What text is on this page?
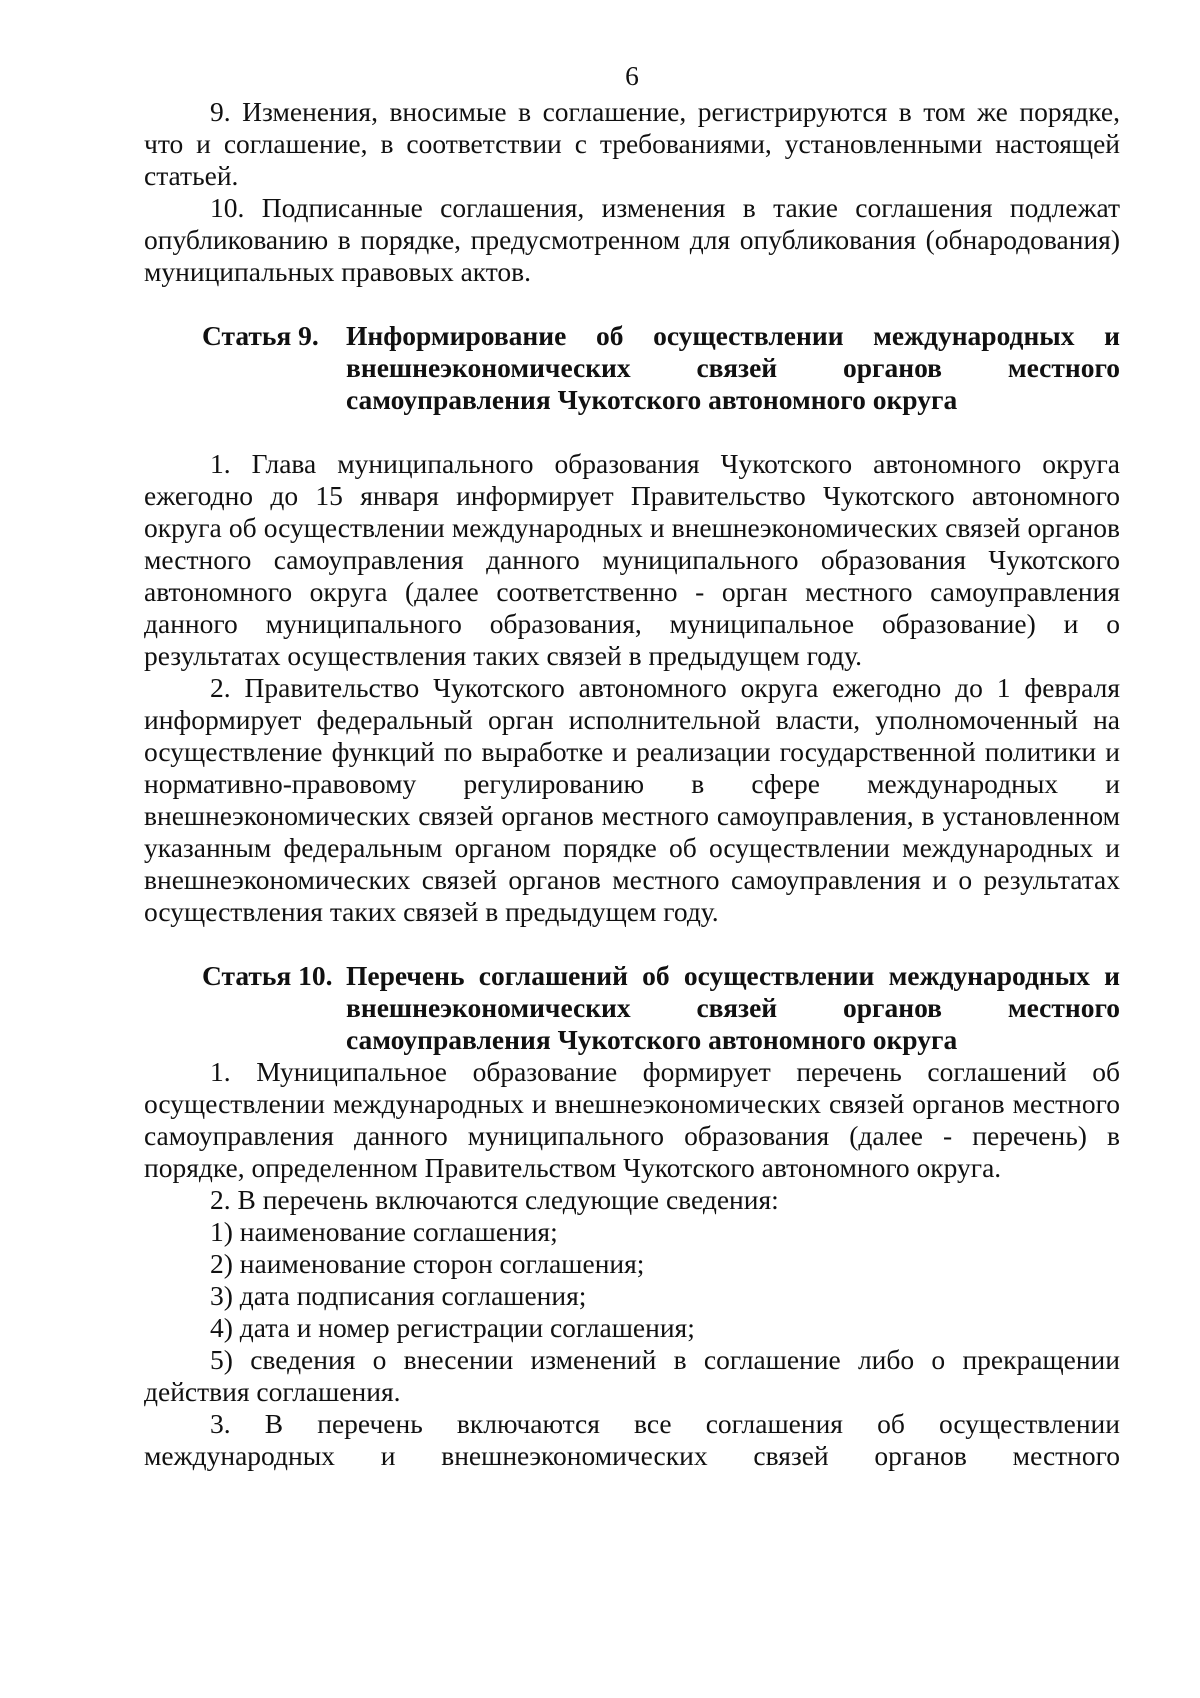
6

9. Изменения, вносимые в соглашение, регистрируются в том же порядке, что и соглашение, в соответствии с требованиями, установленными настоящей статьей.

10. Подписанные соглашения, изменения в такие соглашения подлежат опубликованию в порядке, предусмотренном для опубликования (обнародования) муниципальных правовых актов.

Статья 9. Информирование об осуществлении международных и внешнеэкономических связей органов местного самоуправления Чукотского автономного округа

1. Глава муниципального образования Чукотского автономного округа ежегодно до 15 января информирует Правительство Чукотского автономного округа об осуществлении международных и внешнеэкономических связей органов местного самоуправления данного муниципального образования Чукотского автономного округа (далее соответственно - орган местного самоуправления данного муниципального образования, муниципальное образование) и о результатах осуществления таких связей в предыдущем году.

2. Правительство Чукотского автономного округа ежегодно до 1 февраля информирует федеральный орган исполнительной власти, уполномоченный на осуществление функций по выработке и реализации государственной политики и нормативно-правовому регулированию в сфере международных и внешнеэкономических связей органов местного самоуправления, в установленном указанным федеральным органом порядке об осуществлении международных и внешнеэкономических связей органов местного самоуправления и о результатах осуществления таких связей в предыдущем году.

Статья 10. Перечень соглашений об осуществлении международных и внешнеэкономических связей органов местного самоуправления Чукотского автономного округа

1. Муниципальное образование формирует перечень соглашений об осуществлении международных и внешнеэкономических связей органов местного самоуправления данного муниципального образования (далее - перечень) в порядке, определенном Правительством Чукотского автономного округа.

2. В перечень включаются следующие сведения:

1) наименование соглашения;

2) наименование сторон соглашения;

3) дата подписания соглашения;

4) дата и номер регистрации соглашения;

5) сведения о внесении изменений в соглашение либо о прекращении действия соглашения.

3. В перечень включаются все соглашения об осуществлении международных и внешнеэкономических связей органов местного
